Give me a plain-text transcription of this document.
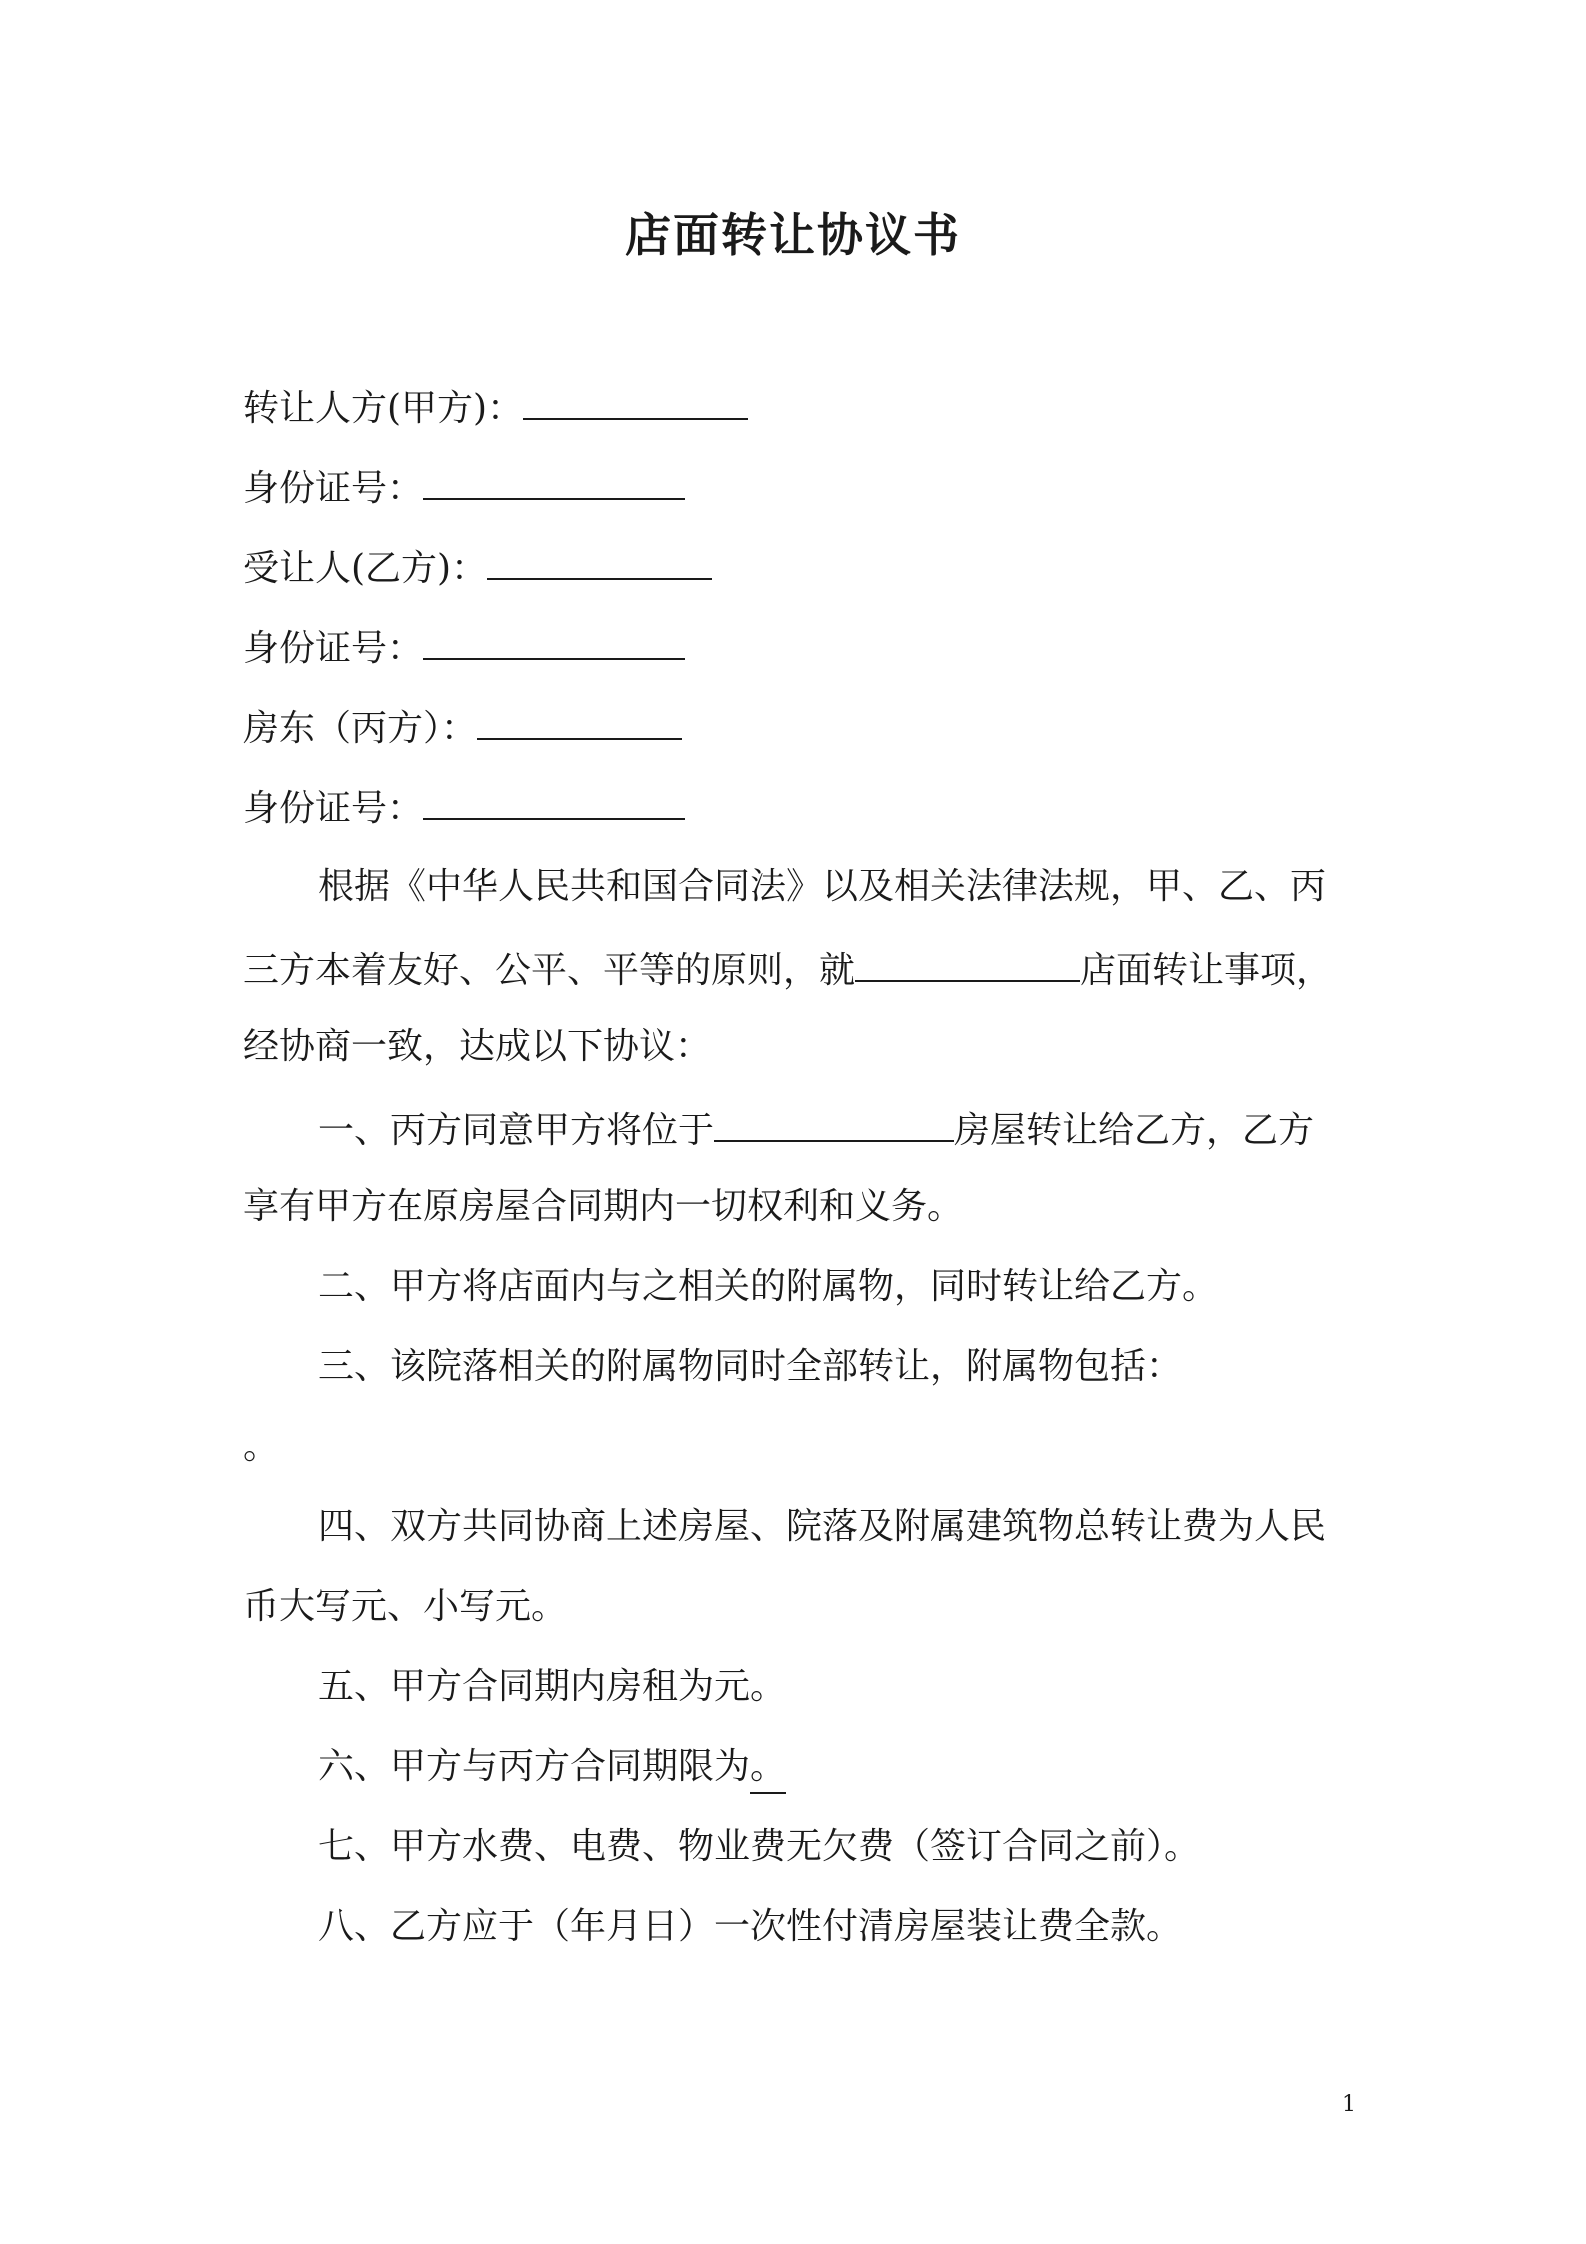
店面转让协议书
转让人方(甲方)：
身份证号：
受让人(乙方)：
身份证号：
房东（丙方）：
身份证号：
根据《中华人民共和国合同法》以及相关法律法规，甲、乙、丙
三方本着友好、公平、平等的原则，就	店面转让事项，
经协商一致，达成以下协议：
一、丙方同意甲方将位于	房屋转让给乙方，乙方
享有甲方在原房屋合同期内一切权利和义务。
二、甲方将店面内与之相关的附属物，同时转让给乙方。
三、该院落相关的附属物同时全部转让，附属物包括：
。
四、双方共同协商上述房屋、院落及附属建筑物总转让费为人民
币大写元、小写元。
五、甲方合同期内房租为元。
六、甲方与丙方合同期限为。
七、甲方水费、电费、物业费无欠费（签订合同之前）。
八、乙方应于（年月日）一次性付清房屋装让费全款。
1
